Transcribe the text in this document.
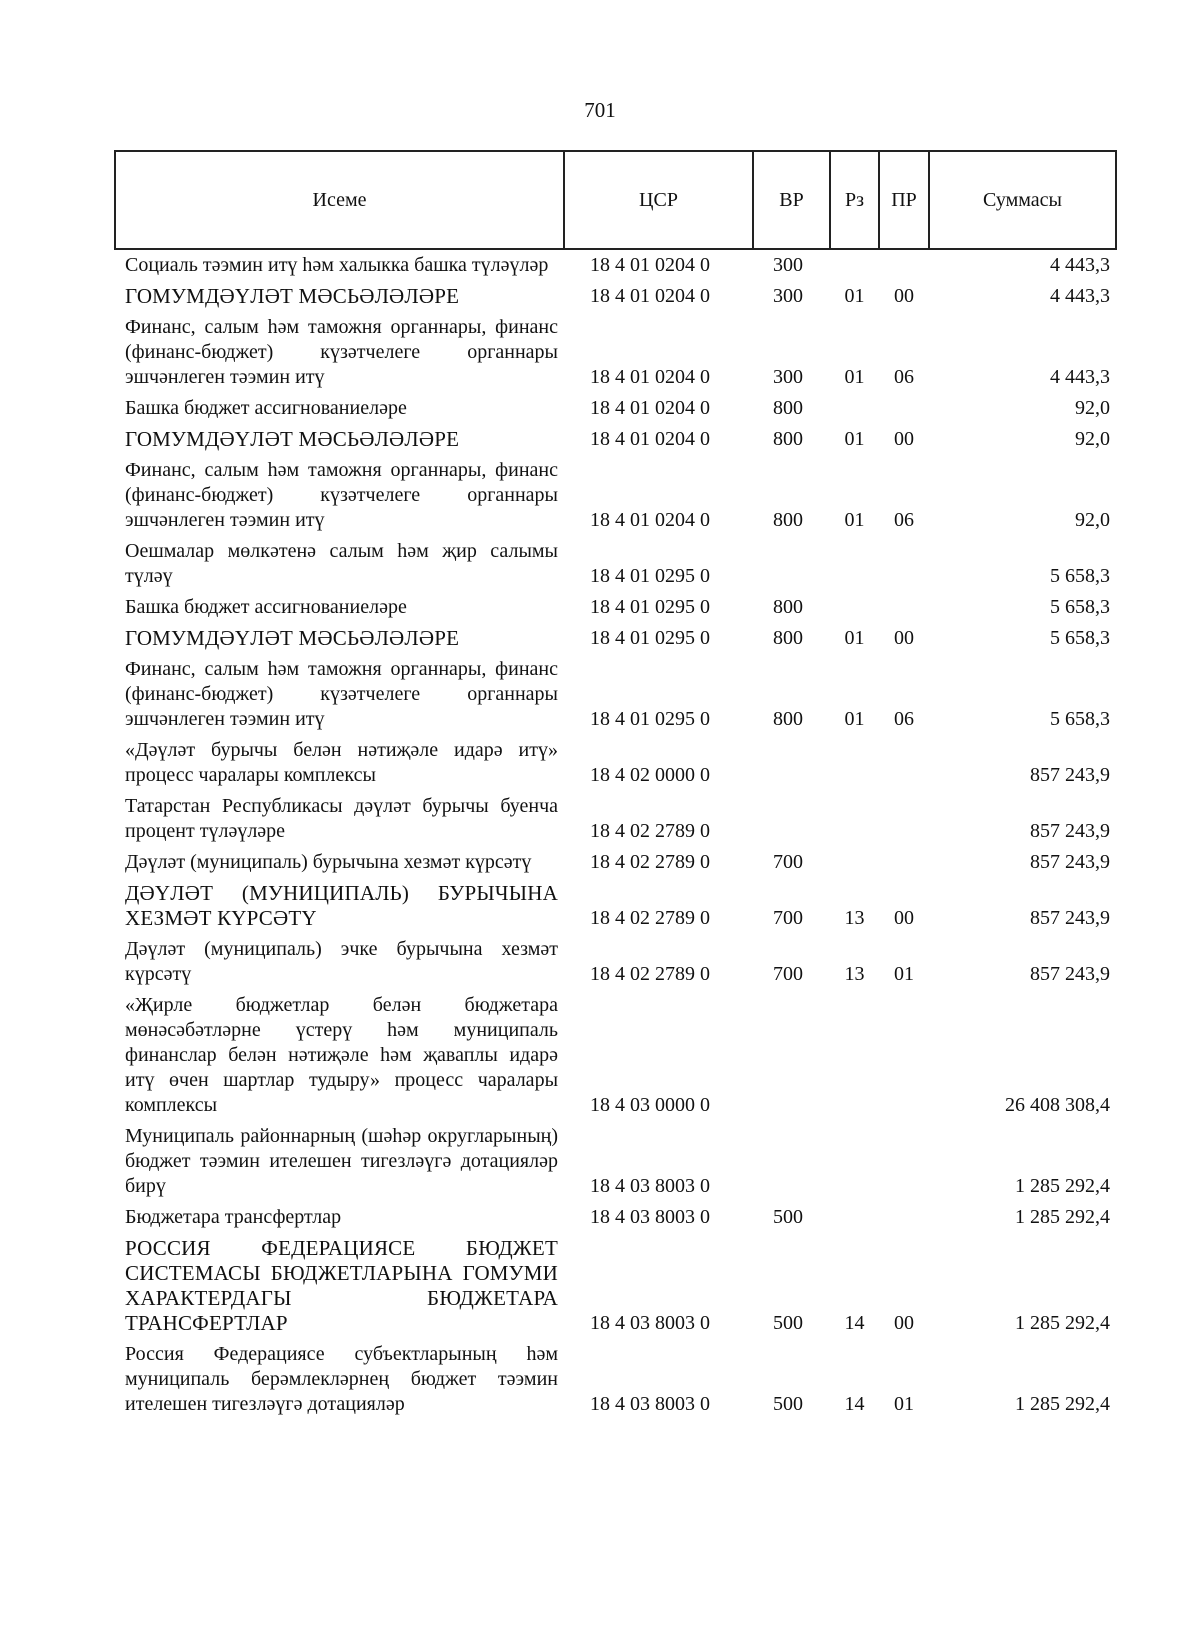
701
Исеме	ЦСР	ВР	Рз	ПР	Суммасы
Социаль тәэмин итү һәм халыкка башка түләүләр	18 4 01 0204 0	300			4 443,3
ГОМУМДӘҮЛӘТ МӘСЬӘЛӘЛӘРЕ	18 4 01 0204 0	300	01	00	4 443,3
Финанс, салым һәм таможня органнары, финанс (финанс-бюджет) күзәтчелеге органнары эшчәнлеген тәэмин итү	18 4 01 0204 0	300	01	06	4 443,3
Башка бюджет ассигнованиеләре	18 4 01 0204 0	800			92,0
ГОМУМДӘҮЛӘТ МӘСЬӘЛӘЛӘРЕ	18 4 01 0204 0	800	01	00	92,0
Финанс, салым һәм таможня органнары, финанс (финанс-бюджет) күзәтчелеге органнары эшчәнлеген тәэмин итү	18 4 01 0204 0	800	01	06	92,0
Оешмалар мөлкәтенә салым һәм җир салымы түләү	18 4 01 0295 0				5 658,3
Башка бюджет ассигнованиеләре	18 4 01 0295 0	800			5 658,3
ГОМУМДӘҮЛӘТ МӘСЬӘЛӘЛӘРЕ	18 4 01 0295 0	800	01	00	5 658,3
Финанс, салым һәм таможня органнары, финанс (финанс-бюджет) күзәтчелеге органнары эшчәнлеген тәэмин итү	18 4 01 0295 0	800	01	06	5 658,3
«Дәүләт бурычы белән нәтиҗәле идарә итү» процесс чаралары комплексы	18 4 02 0000 0				857 243,9
Татарстан Республикасы дәүләт бурычы буенча процент түләүләре	18 4 02 2789 0				857 243,9
Дәүләт (муниципаль) бурычына хезмәт күрсәтү	18 4 02 2789 0	700			857 243,9
ДӘҮЛӘТ (МУНИЦИПАЛЬ) БУРЫЧЫНА ХЕЗМӘТ КҮРСӘТҮ	18 4 02 2789 0	700	13	00	857 243,9
Дәүләт (муниципаль) эчке бурычына хезмәт күрсәтү	18 4 02 2789 0	700	13	01	857 243,9
«Җирле бюджетлар белән бюджетара мөнәсәбәтләрне үстерү һәм муниципаль финанслар белән нәтиҗәле һәм җаваплы идарә итү өчен шартлар тудыру» процесс чаралары комплексы	18 4 03 0000 0				26 408 308,4
Муниципаль районнарның (шәһәр округларының) бюджет тәэмин ителешен тигезләүгә дотацияләр бирү	18 4 03 8003 0				1 285 292,4
Бюджетара трансфертлар	18 4 03 8003 0	500			1 285 292,4
РОССИЯ ФЕДЕРАЦИЯСЕ БЮДЖЕТ СИСТЕМАСЫ БЮДЖЕТЛАРЫНА ГОМУМИ ХАРАКТЕРДАГЫ БЮДЖЕТАРА ТРАНСФЕРТЛАР	18 4 03 8003 0	500	14	00	1 285 292,4
Россия Федерациясе субъектларының һәм муниципаль берәмлекләрнең бюджет тәэмин ителешен тигезләүгә дотацияләр	18 4 03 8003 0	500	14	01	1 285 292,4
